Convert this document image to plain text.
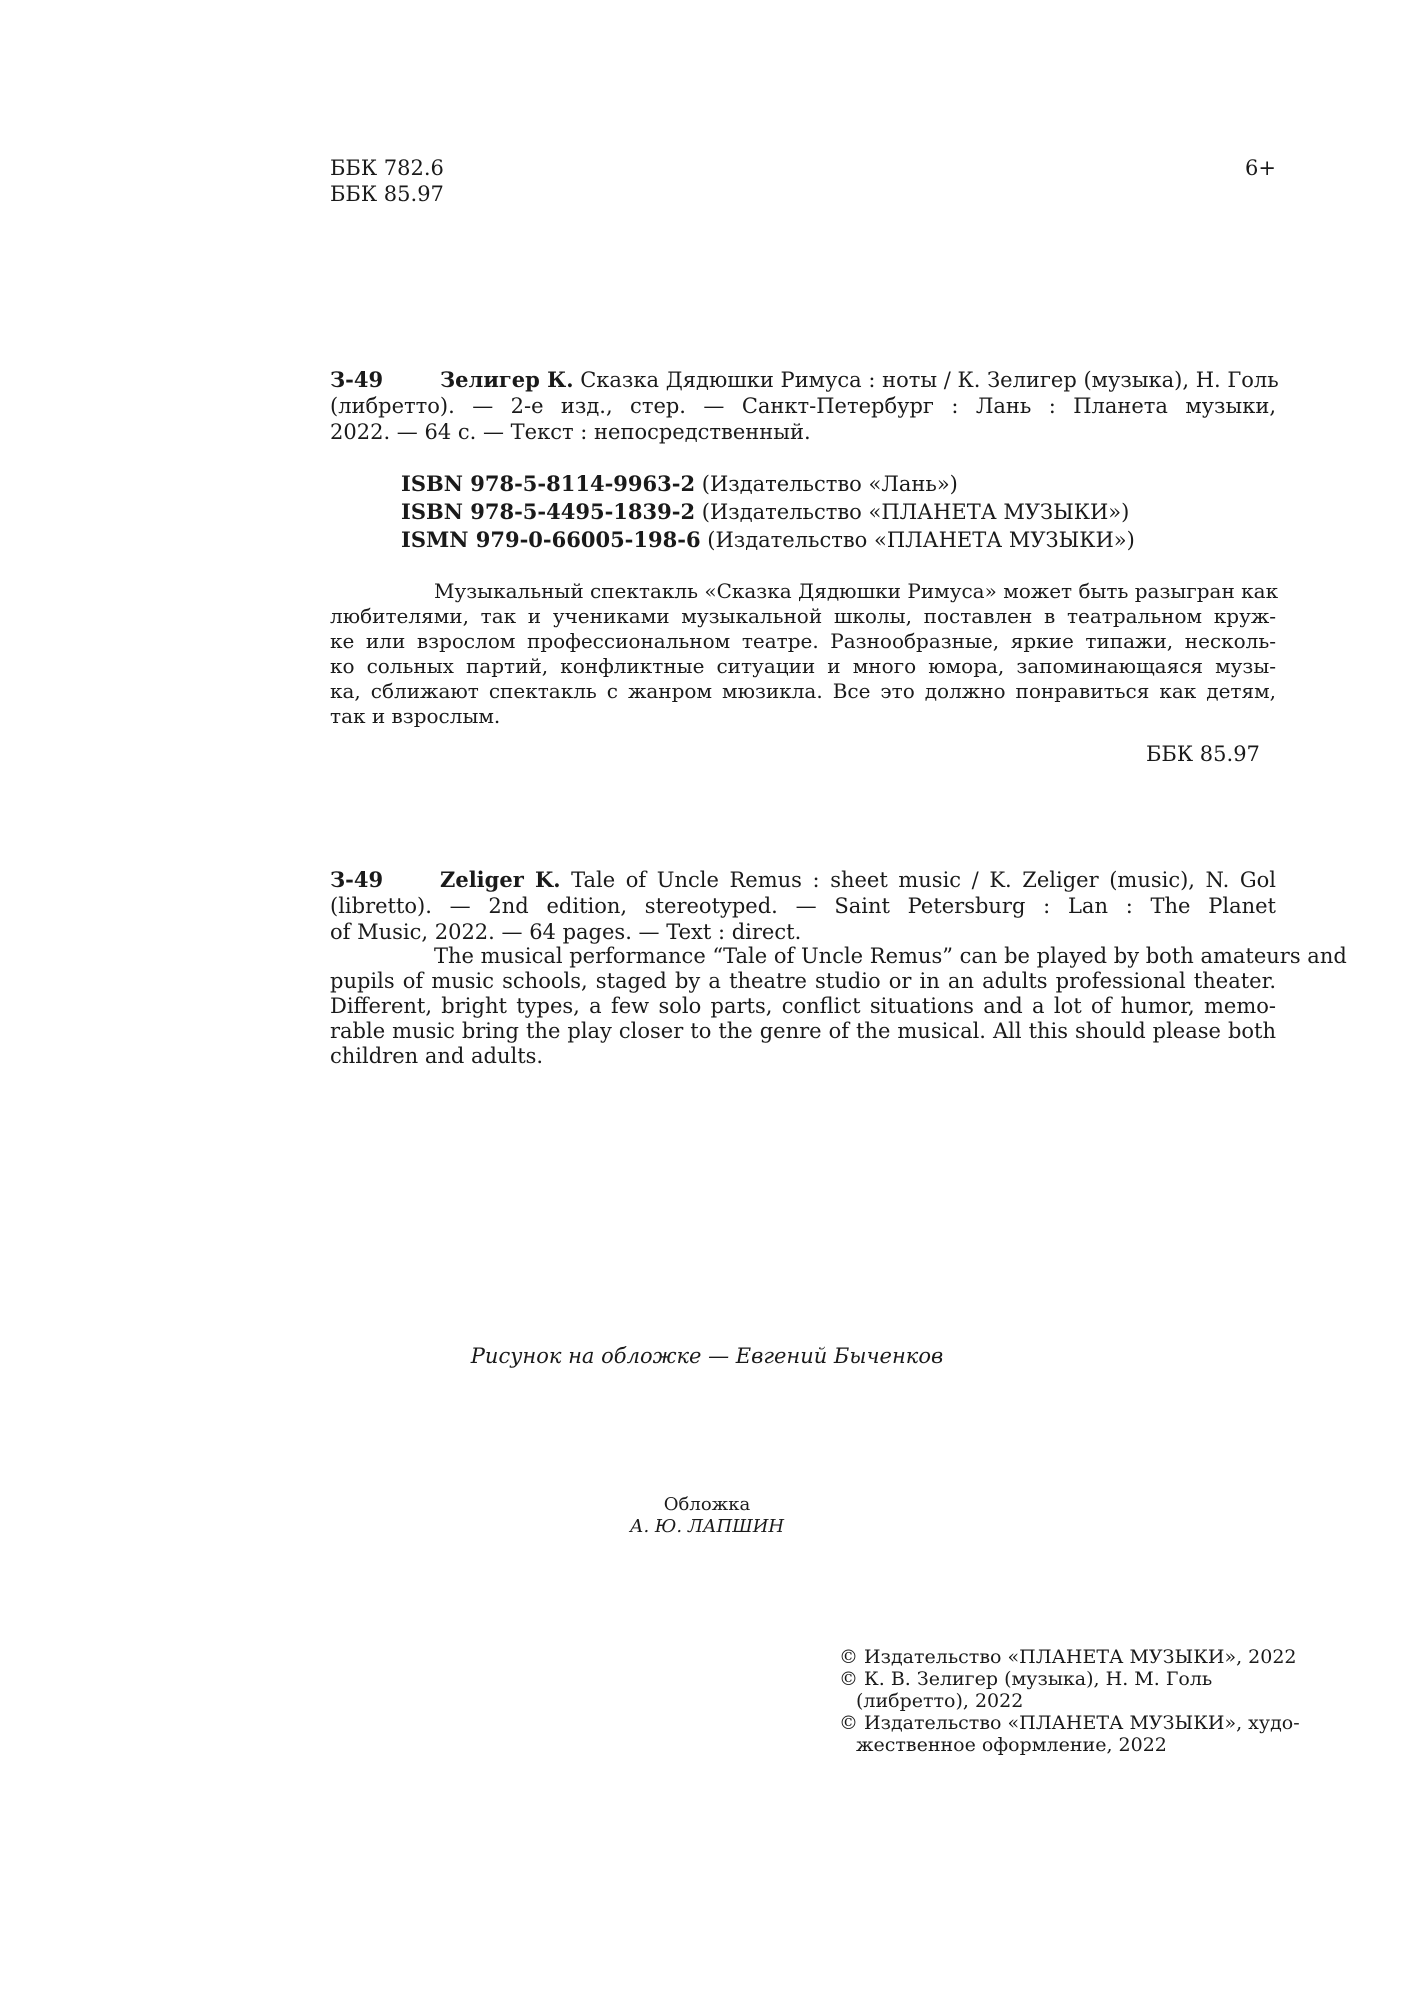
ББК 782.6
ББК 85.97
6+
З-49	Зелигер К. Сказка Дядюшки Римуса : ноты / К. Зелигер (музыка), Н. Голь
(либретто). — 2-е изд., стер. — Санкт-Петербург : Лань : Планета музыки,
2022. — 64 с. — Текст : непосредственный.
ISBN 978-5-8114-9963-2 (Издательство «Лань»)
ISBN 978-5-4495-1839-2 (Издательство «ПЛАНЕТА МУЗЫКИ»)
ISMN 979-0-66005-198-6 (Издательство «ПЛАНЕТА МУЗЫКИ»)
Музыкальный спектакль «Сказка Дядюшки Римуса» может быть разыгран как
любителями, так и учениками музыкальной школы, поставлен в театральном круж-
ке или взрослом профессиональном театре. Разнообразные, яркие типажи, несколь-
ко сольных партий, конфликтные ситуации и много юмора, запоминающаяся музы-
ка, сближают спектакль с жанром мюзикла. Все это должно понравиться как детям,
так и взрослым.
ББК 85.97
З-49	Zeliger K. Tale of Uncle Remus : sheet music / K. Zeliger (music), N. Gol
(libretto). — 2nd edition, stereotyped. — Saint Petersburg : Lan : The Planet
of Music, 2022. — 64 pages. — Text : direct.
The musical performance “Tale of Uncle Remus” can be played by both amateurs and
pupils of music schools, staged by a theatre studio or in an adults professional theater.
Different, bright types, a few solo parts, conflict situations and a lot of humor, memo-
rable music bring the play closer to the genre of the musical. All this should please both
children and adults.
Рисунок на обложке — Евгений Быченков
Обложка
А. Ю. ЛАПШИН
© Издательство «ПЛАНЕТА МУЗЫКИ», 2022
© К. В. Зелигер (музыка), Н. М. Голь
(либретто), 2022
© Издательство «ПЛАНЕТА МУЗЫКИ», худо-
жественное оформление, 2022
